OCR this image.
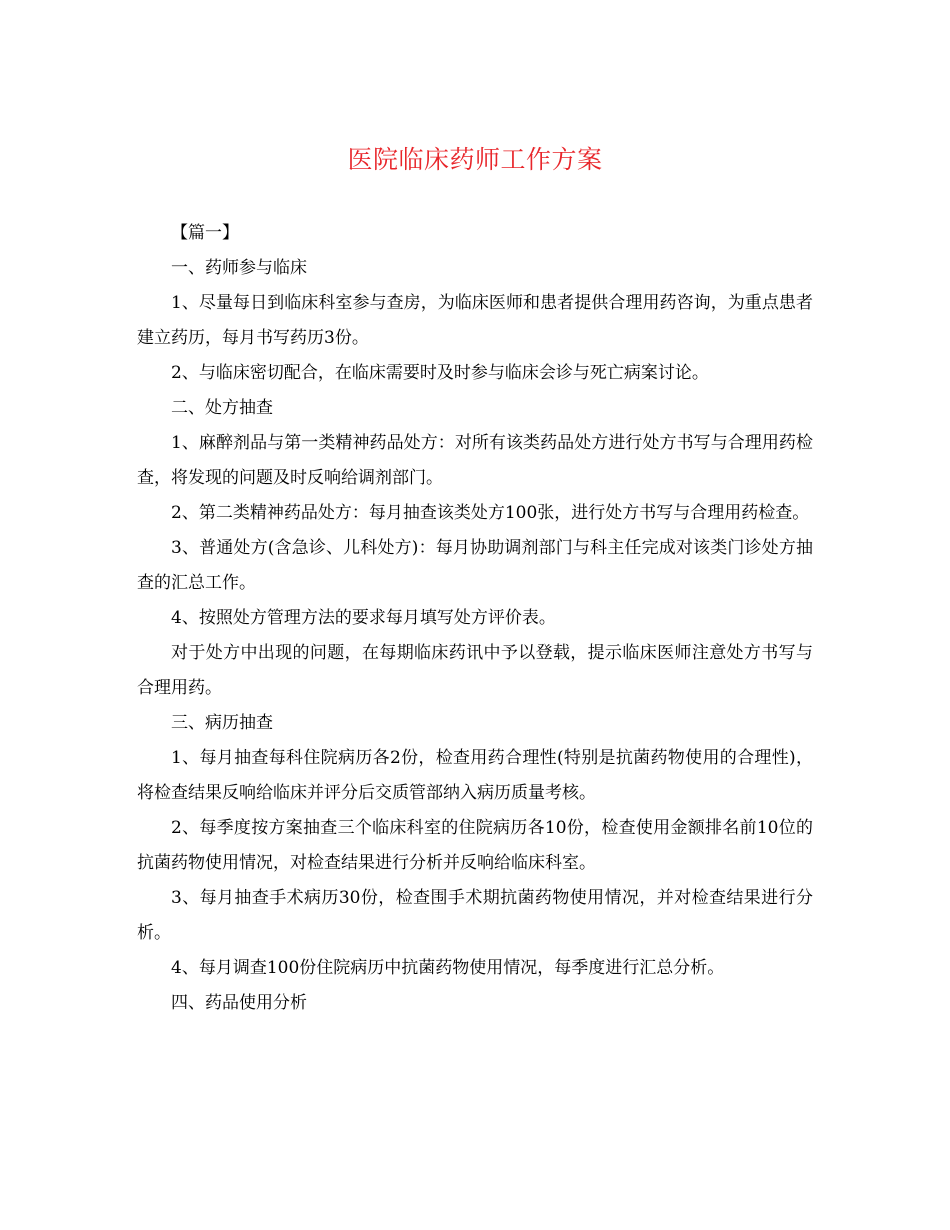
医院临床药师工作方案

【篇一】

一、药师参与临床

1、尽量每日到临床科室参与查房，为临床医师和患者提供合理用药咨询，为重点患者建立药历，每月书写药历3份。

2、与临床密切配合，在临床需要时及时参与临床会诊与死亡病案讨论。

二、处方抽查

1、麻醉剂品与第一类精神药品处方：对所有该类药品处方进行处方书写与合理用药检查，将发现的问题及时反响给调剂部门。

2、第二类精神药品处方：每月抽查该类处方100张，进行处方书写与合理用药检查。

3、普通处方(含急诊、儿科处方)：每月协助调剂部门与科主任完成对该类门诊处方抽查的汇总工作。

4、按照处方管理方法的要求每月填写处方评价表。

对于处方中出现的问题，在每期临床药讯中予以登载，提示临床医师注意处方书写与合理用药。

三、病历抽查

1、每月抽查每科住院病历各2份，检查用药合理性(特别是抗菌药物使用的合理性)，将检查结果反响给临床并评分后交质管部纳入病历质量考核。

2、每季度按方案抽查三个临床科室的住院病历各10份，检查使用金额排名前10位的抗菌药物使用情况，对检查结果进行分析并反响给临床科室。

3、每月抽查手术病历30份，检查围手术期抗菌药物使用情况，并对检查结果进行分析。

4、每月调查100份住院病历中抗菌药物使用情况，每季度进行汇总分析。

四、药品使用分析
